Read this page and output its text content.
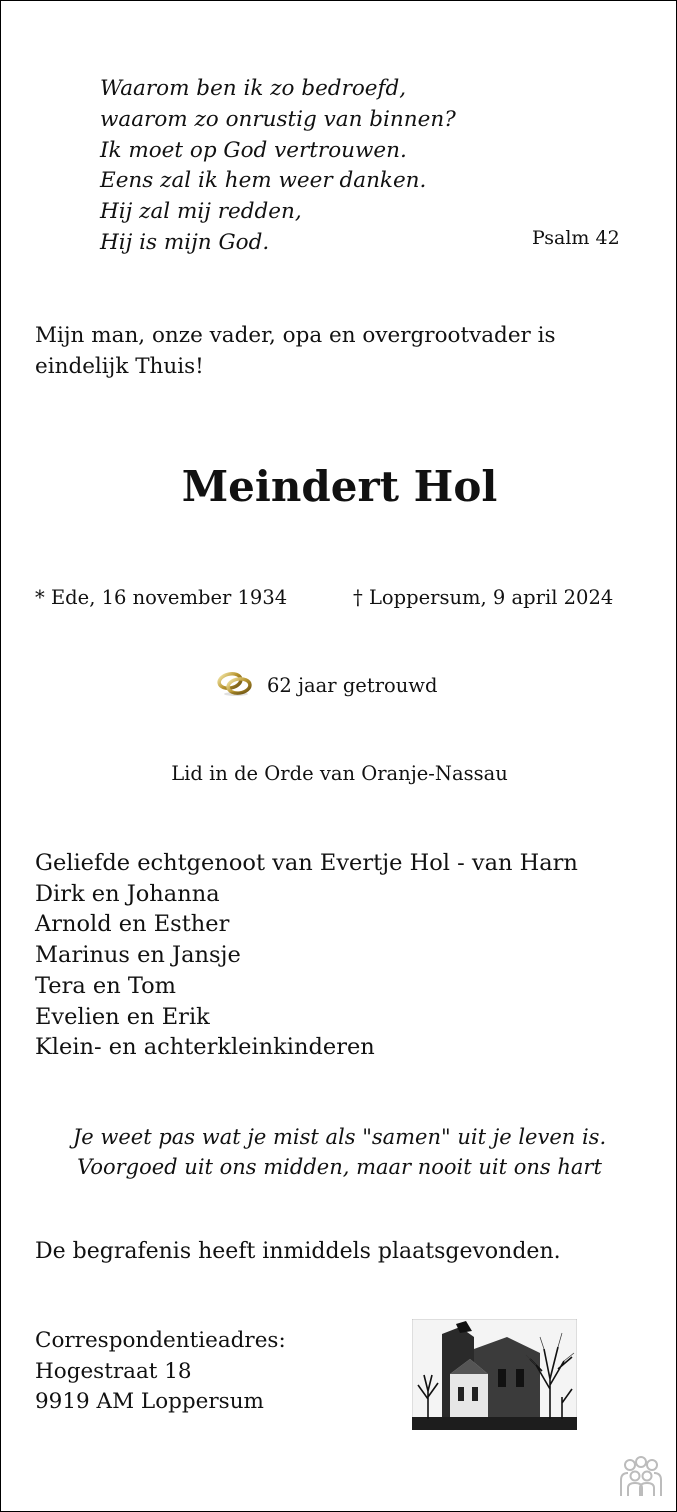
Waarom ben ik zo bedroefd,
waarom zo onrustig van binnen?
Ik moet op God vertrouwen.
Eens zal ik hem weer danken.
Hij zal mij redden,
Hij is mijn God.	Psalm 42
Mijn man, onze vader, opa en overgrootvader is eindelijk Thuis!
Meindert Hol
* Ede, 16 november 1934	† Loppersum, 9 april 2024
62 jaar getrouwd
Lid in de Orde van Oranje-Nassau
Geliefde echtgenoot van Evertje Hol - van Harn
Dirk en Johanna
Arnold en Esther
Marinus en Jansje
Tera en Tom
Evelien en Erik
Klein- en achterkleinkinderen
Je weet pas wat je mist als "samen" uit je leven is.
Voorgoed uit ons midden, maar nooit uit ons hart
De begrafenis heeft inmiddels plaatsgevonden.
Correspondentieadres:
Hogestraat 18
9919 AM Loppersum
